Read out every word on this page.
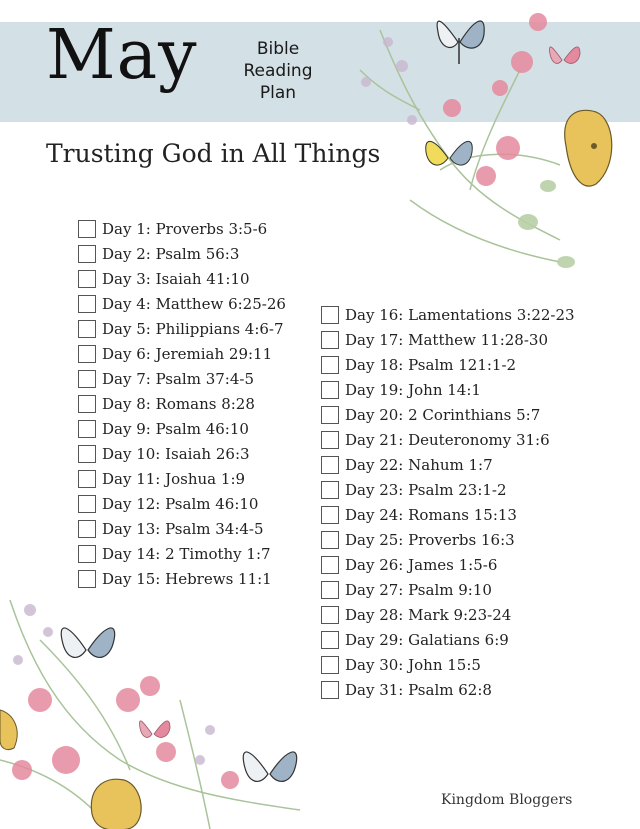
May	Bible
Reading
Plan
Trusting God in All Things
Day 1: Proverbs 3:5-6
Day 2: Psalm 56:3
Day 3: Isaiah 41:10
Day 4: Matthew 6:25-26
Day 5: Philippians 4:6-7
Day 6: Jeremiah 29:11
Day 7: Psalm 37:4-5
Day 8: Romans 8:28
Day 9: Psalm 46:10
Day 10: Isaiah 26:3
Day 11: Joshua 1:9
Day 12: Psalm 46:10
Day 13: Psalm 34:4-5
Day 14: 2 Timothy 1:7
Day 15: Hebrews 11:1
Day 16: Lamentations 3:22-23
Day 17: Matthew 11:28-30
Day 18: Psalm 121:1-2
Day 19: John 14:1
Day 20: 2 Corinthians 5:7
Day 21: Deuteronomy 31:6
Day 22: Nahum 1:7
Day 23: Psalm 23:1-2
Day 24: Romans 15:13
Day 25: Proverbs 16:3
Day 26: James 1:5-6
Day 27: Psalm 9:10
Day 28: Mark 9:23-24
Day 29: Galatians 6:9
Day 30: John 15:5
Day 31: Psalm 62:8
Kingdom Bloggers
